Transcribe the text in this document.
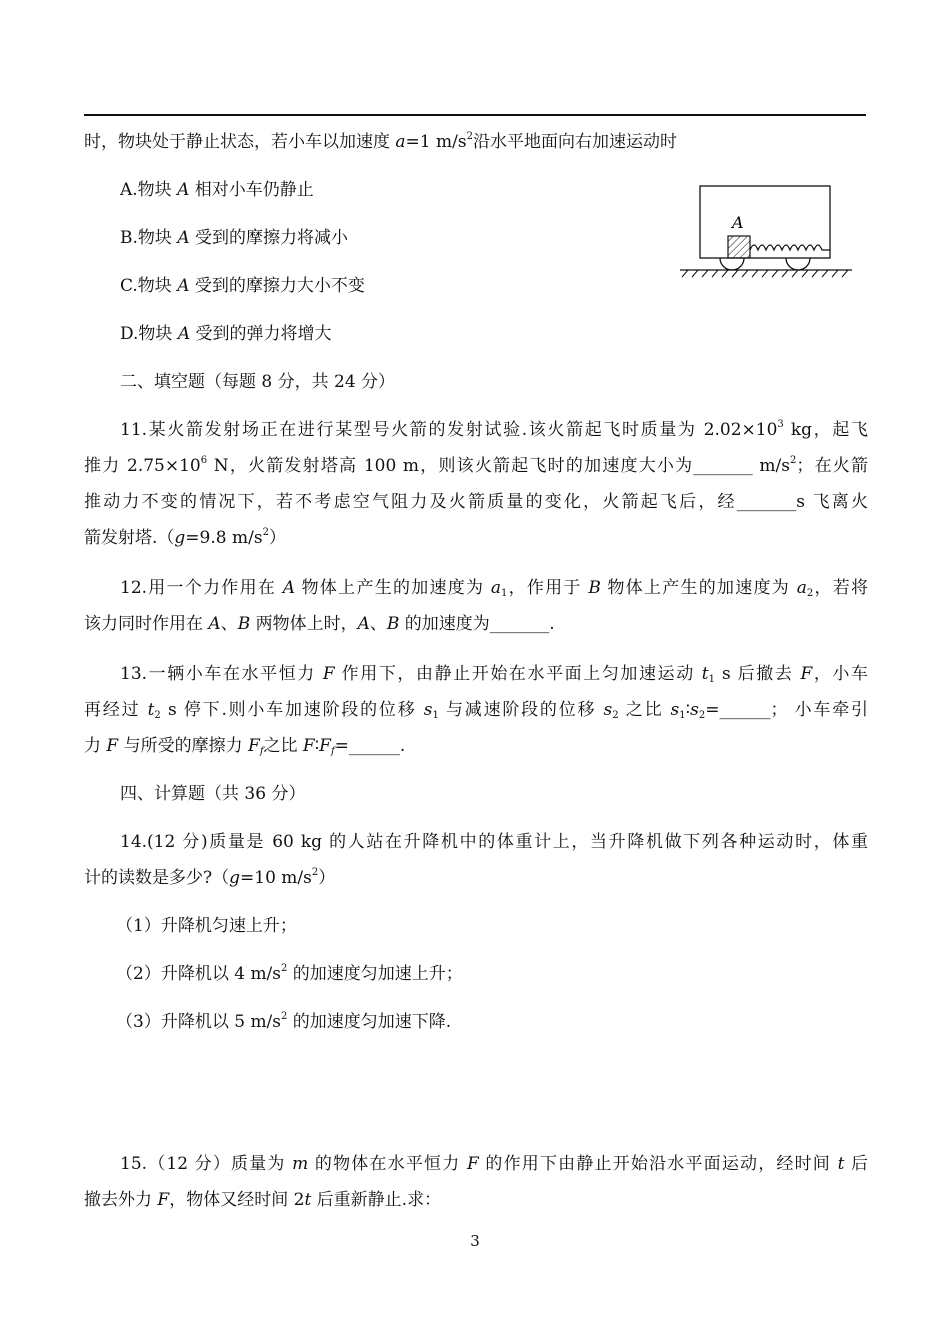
时，物块处于静止状态，若小车以加速度 a=1 $m/s^2$沿水平地面向右加速运动时
A.物块 A 相对小车仍静止
B.物块 A 受到的摩擦力将减小
C.物块 A 受到的摩擦力大小不变
D.物块 A 受到的弹力将增大
A
二、填空题（每题 8 分，共 24 分）
11.某火箭发射场正在进行某型号火箭的发射试验.该火箭起飞时质量为 $2.02\times 10^3$ kg，起飞
推力 $2.75\times 10^6$ N，火箭发射塔高 100 m，则该火箭起飞时的加速度大小为_______ $m/s^2$；在火箭
推动力不变的情况下，若不考虑空气阻力及火箭质量的变化，火箭起飞后，经_______s 飞离火
箭发射塔.（g=9.8 $m/s^2$）
12.用一个力作用在 A 物体上产生的加速度为 $a_1$，作用于 B 物体上产生的加速度为 $a_2$，若将
该力同时作用在 A、B 两物体上时，A、B 的加速度为_______.
13.一辆小车在水平恒力 F 作用下，由静止开始在水平面上匀加速运动 $t_1$ s 后撤去 F，小车
再经过 $t_2$ s 停下.则小车加速阶段的位移 $s_1$ 与减速阶段的位移 $s_2$ 之比 $s_1∶s_2=\_\_\_\_\_\_$； 小车牵引
力 F 与所受的摩擦力 $F_f$之比 $F∶F_f=\_\_\_\_\_\_$.
四、计算题（共 36 分）
14.(12 分)质量是 60 kg 的人站在升降机中的体重计上，当升降机做下列各种运动时，体重
计的读数是多少?（g=10 $m/s^2$）
（1）升降机匀速上升；
（2）升降机以 4 $m/s^2$ 的加速度匀加速上升；
（3）升降机以 5 $m/s^2$ 的加速度匀加速下降.
15.（12 分）质量为 m 的物体在水平恒力 F 的作用下由静止开始沿水平面运动，经时间 t 后
撤去外力 F，物体又经时间 2t 后重新静止.求：
3
